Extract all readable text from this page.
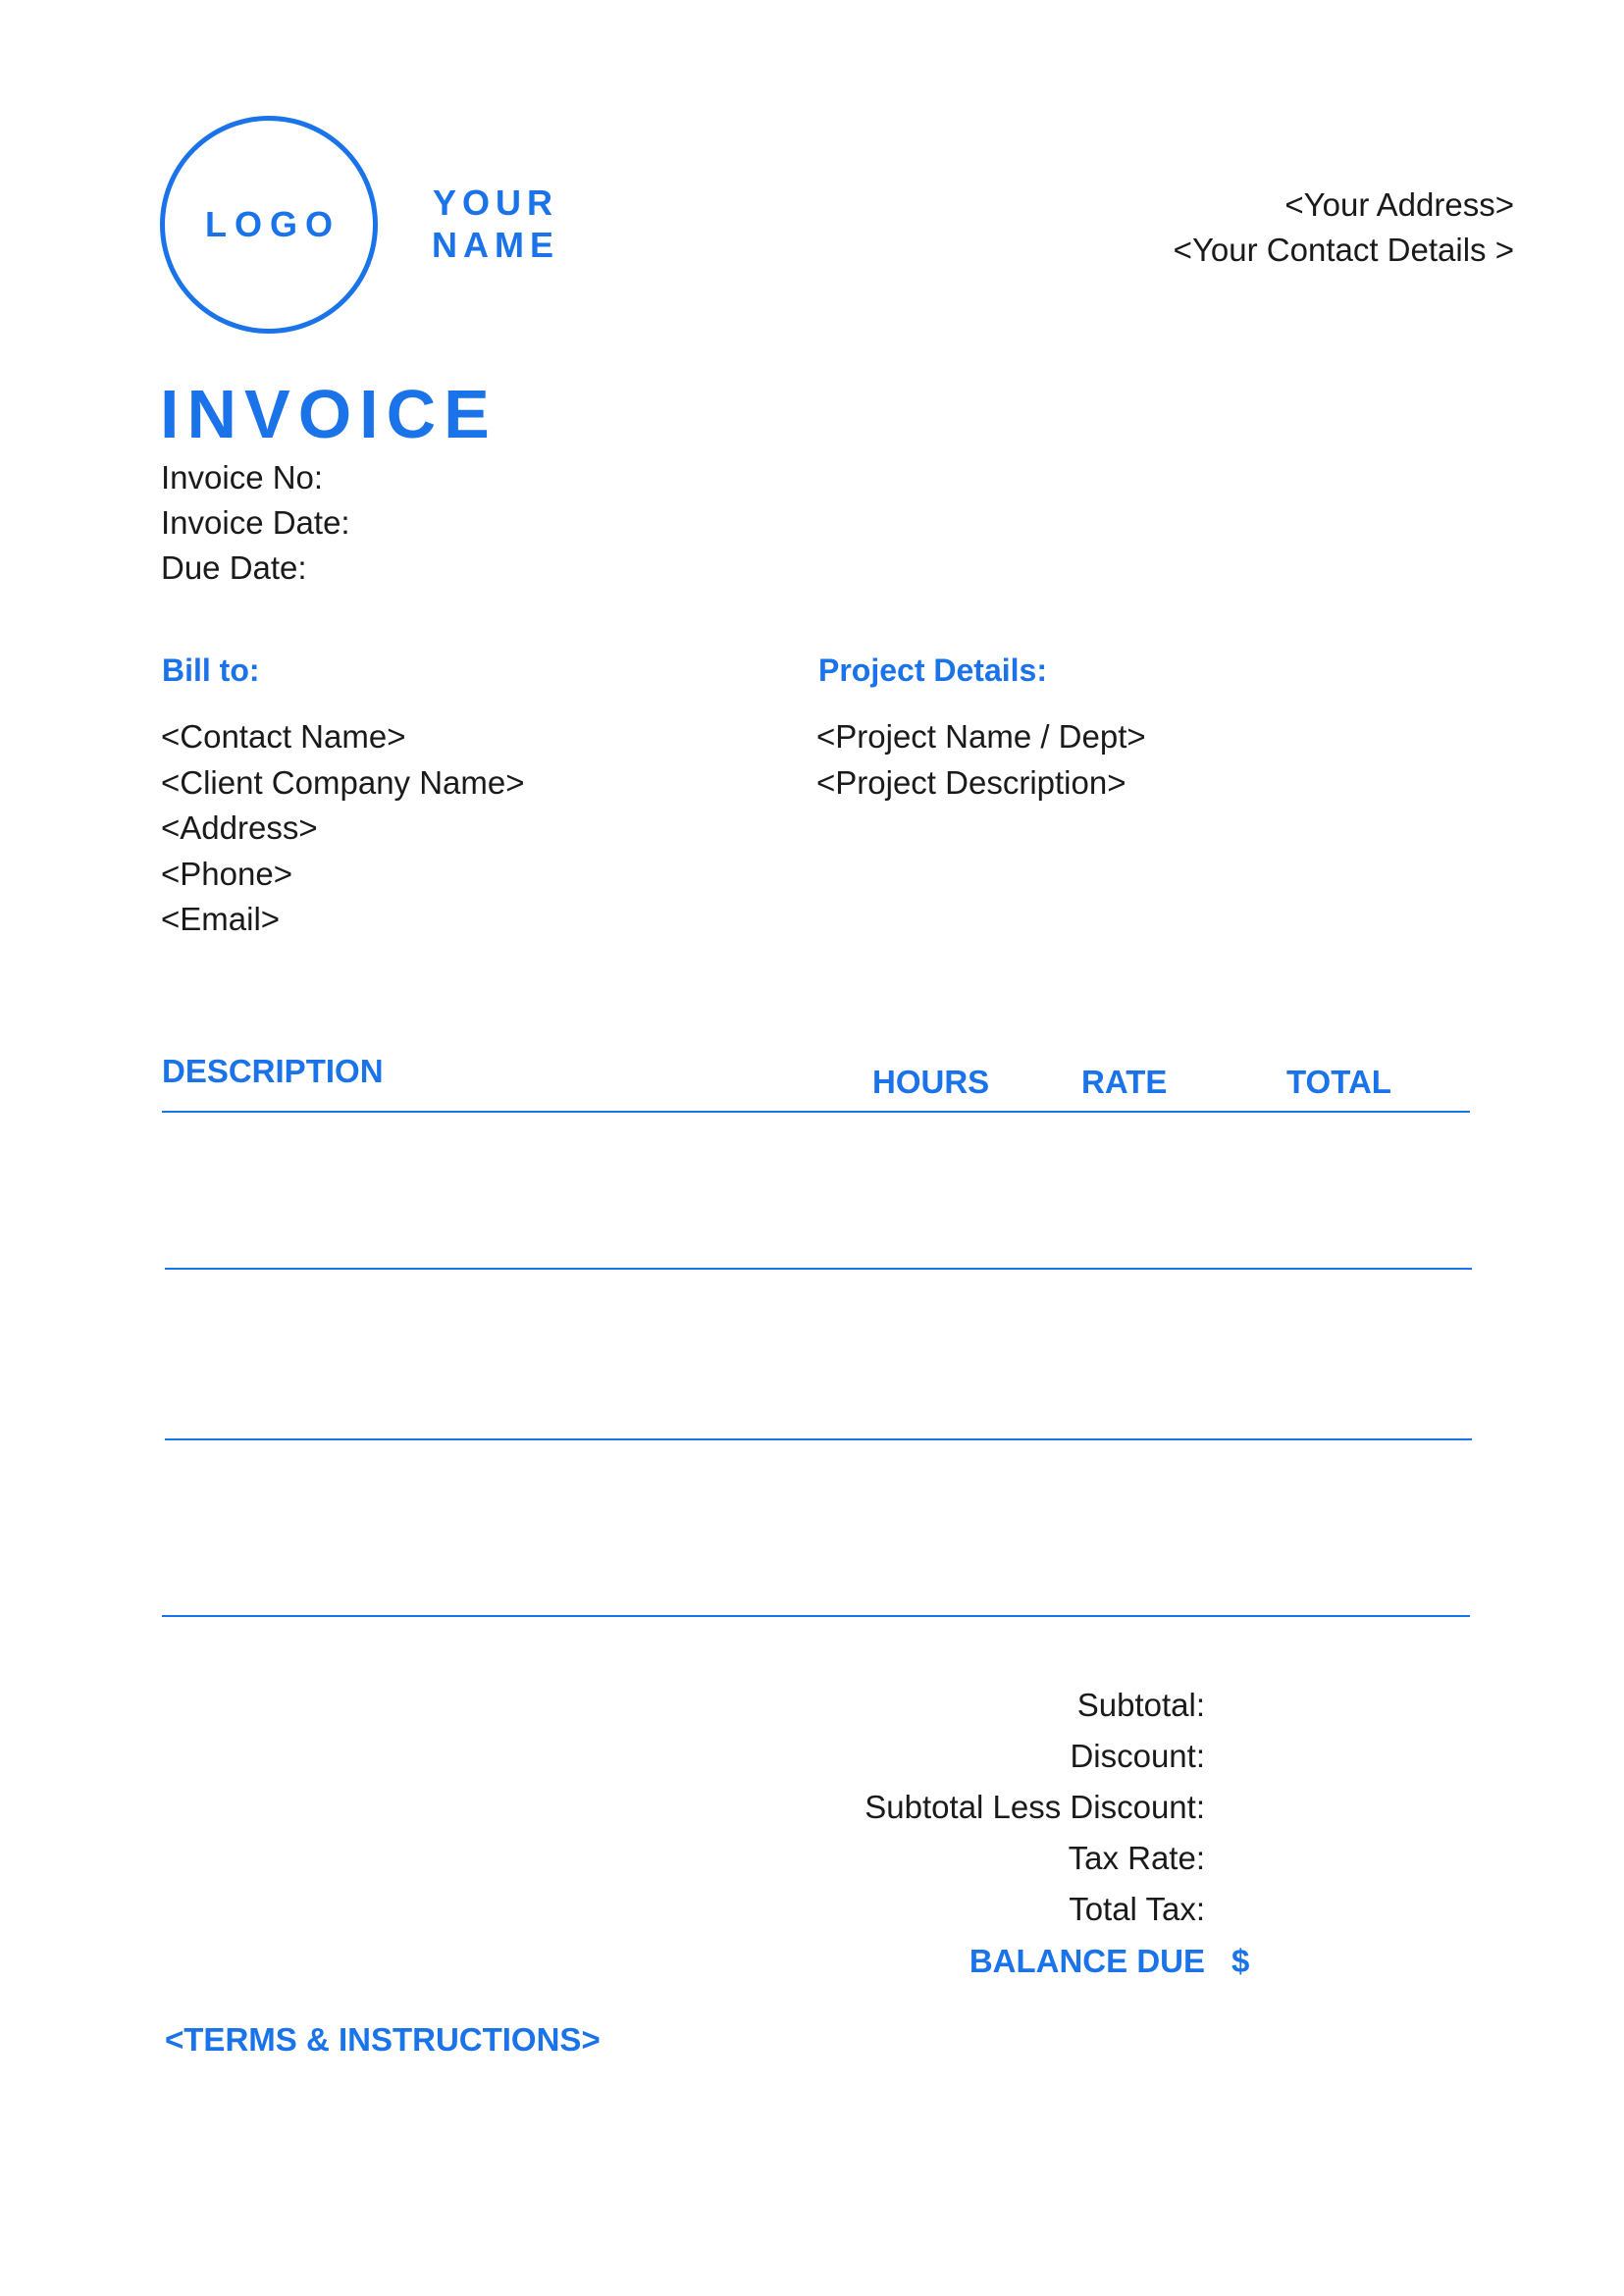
LOGO
YOUR NAME
<Your Address>
<Your Contact Details >
INVOICE
Invoice No:
Invoice Date:
Due Date:
Bill to:
<Contact Name>
<Client Company Name>
<Address>
<Phone>
<Email>
Project Details:
<Project Name / Dept>
<Project Description>
DESCRIPTION	HOURS	RATE	TOTAL
Subtotal:
Discount:
Subtotal Less Discount:
Tax Rate:
Total Tax:
BALANCE DUE $
<TERMS & INSTRUCTIONS>
